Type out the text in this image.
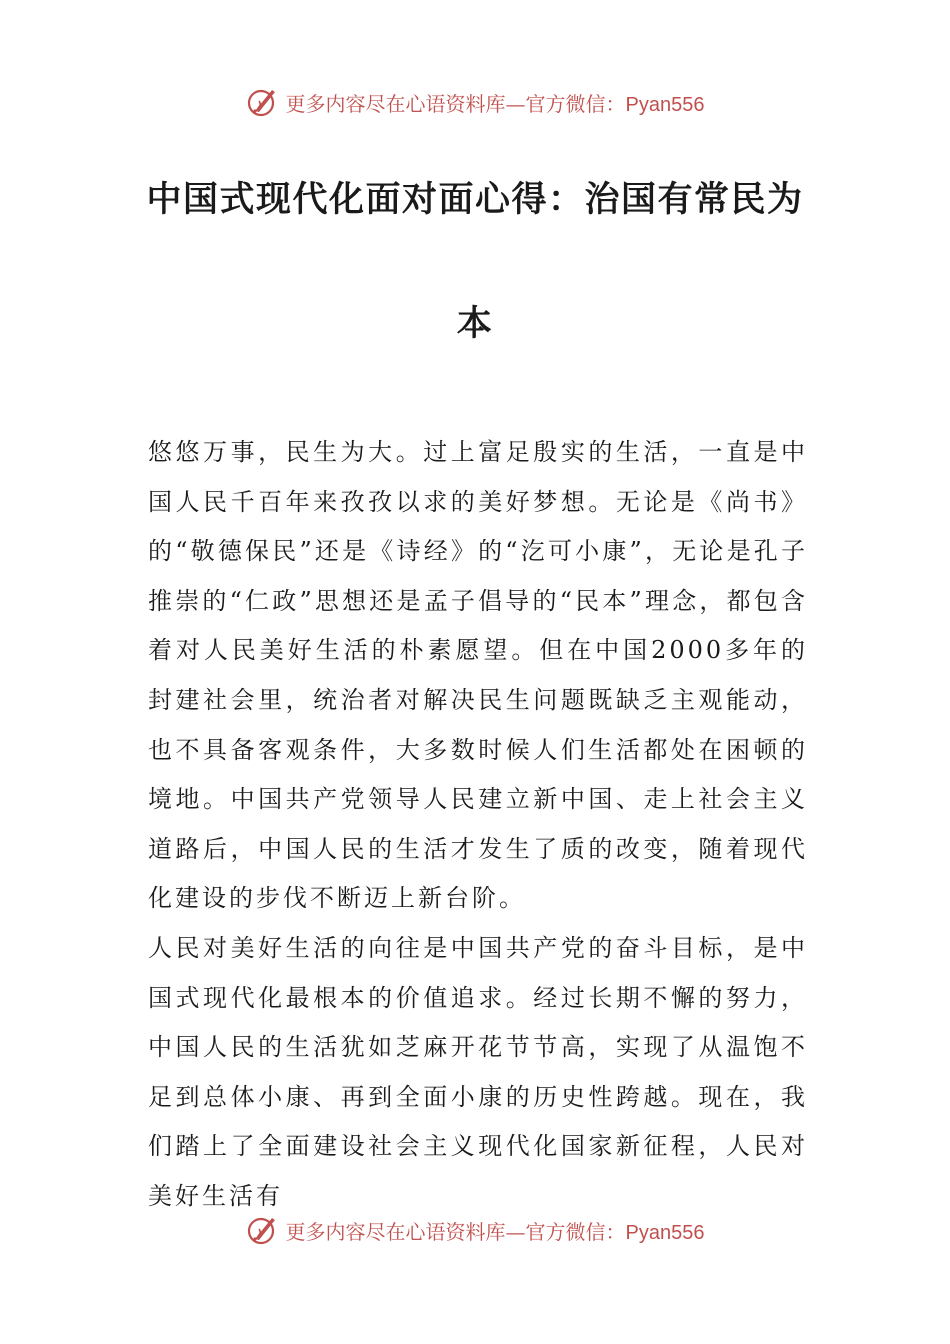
更多内容尽在心语资料库—官方微信：Pyan556
中国式现代化面对面心得：治国有常民为
本

悠悠万事，民生为大。过上富足殷实的生活，一直是中国人民千百年来孜孜以求的美好梦想。无论是《尚书》的“敬德保民”还是《诗经》的“汔可小康”，无论是孔子推崇的“仁政”思想还是孟子倡导的“民本”理念，都包含着对人民美好生活的朴素愿望。但在中国2000多年的封建社会里，统治者对解决民生问题既缺乏主观能动，也不具备客观条件，大多数时候人们生活都处在困顿的境地。中国共产党领导人民建立新中国、走上社会主义道路后，中国人民的生活才发生了质的改变，随着现代化建设的步伐不断迈上新台阶。

人民对美好生活的向往是中国共产党的奋斗目标，是中国式现代化最根本的价值追求。经过长期不懈的努力，中国人民的生活犹如芝麻开花节节高，实现了从温饱不足到总体小康、再到全面小康的历史性跨越。现在，我们踏上了全面建设社会主义现代化国家新征程，人民对美好生活有

更多内容尽在心语资料库—官方微信：Pyan556
